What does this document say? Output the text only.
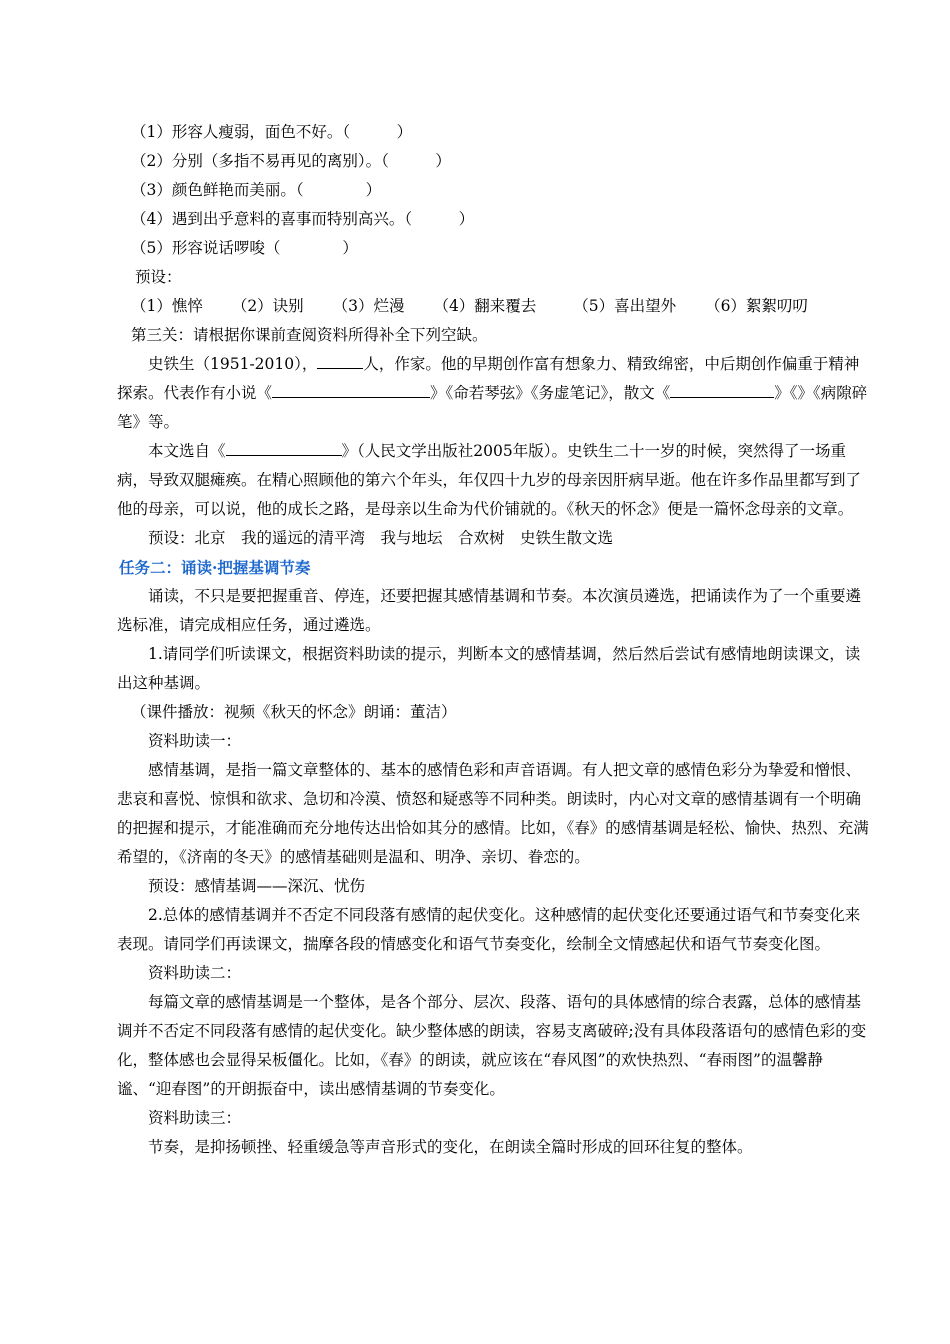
（1）形容人瘦弱，面色不好。（　　　）

（2）分别（多指不易再见的离别）。（　　　）

（3）颜色鲜艳而美丽。（　　　　）

（4）遇到出乎意料的喜事而特别高兴。（　　　）

（5）形容说话啰唆（　　　　）

预设：

（1）憔悴 （2）诀别 （3）烂漫 （4）翻来覆去 （5）喜出望外 （6）絮絮叨叨

第三关：请根据你课前查阅资料所得补全下列空缺。

史铁生（1951-2010），	人，作家。他的早期创作富有想象力、精致绵密，中后期创作偏重于精神探索。代表作有小说《	》《命若琴弦》《务虚笔记》，散文《	》《》《病隙碎笔》等。

本文选自《	》（人民文学出版社2005年版）。史铁生二十一岁的时候，突然得了一场重病，导致双腿瘫痪。在精心照顾他的第六个年头，年仅四十九岁的母亲因肝病早逝。他在许多作品里都写到了他的母亲，可以说，他的成长之路，是母亲以生命为代价铺就的。《秋天的怀念》便是一篇怀念母亲的文章。

预设：北京　我的遥远的清平湾　我与地坛　合欢树　史铁生散文选

任务二：诵读·把握基调节奏

诵读，不只是要把握重音、停连，还要把握其感情基调和节奏。本次演员遴选，把诵读作为了一个重要遴选标准，请完成相应任务，通过遴选。

1.请同学们听读课文，根据资料助读的提示，判断本文的感情基调，然后然后尝试有感情地朗读课文，读出这种基调。

（课件播放：视频《秋天的怀念》朗诵：董洁）

资料助读一：

感情基调，是指一篇文章整体的、基本的感情色彩和声音语调。有人把文章的感情色彩分为挚爱和憎恨、悲哀和喜悦、惊惧和欲求、急切和冷漠、愤怒和疑惑等不同种类。朗读时，内心对文章的感情基调有一个明确的把握和提示，才能准确而充分地传达出恰如其分的感情。比如，《春》的感情基调是轻松、愉快、热烈、充满希望的，《济南的冬天》的感情基础则是温和、明净、亲切、眷恋的。

预设：感情基调——深沉、忧伤

2.总体的感情基调并不否定不同段落有感情的起伏变化。这种感情的起伏变化还要通过语气和节奏变化来表现。请同学们再读课文，揣摩各段的情感变化和语气节奏变化，绘制全文情感起伏和语气节奏变化图。

资料助读二：

每篇文章的感情基调是一个整体，是各个部分、层次、段落、语句的具体感情的综合表露，总体的感情基调并不否定不同段落有感情的起伏变化。缺少整体感的朗读，容易支离破碎;没有具体段落语句的感情色彩的变化，整体感也会显得呆板僵化。比如，《春》的朗读，就应该在“春风图”的欢快热烈、“春雨图”的温馨静谧、“迎春图”的开朗振奋中，读出感情基调的节奏变化。

资料助读三：

节奏，是抑扬顿挫、轻重缓急等声音形式的变化，在朗读全篇时形成的回环往复的整体。
